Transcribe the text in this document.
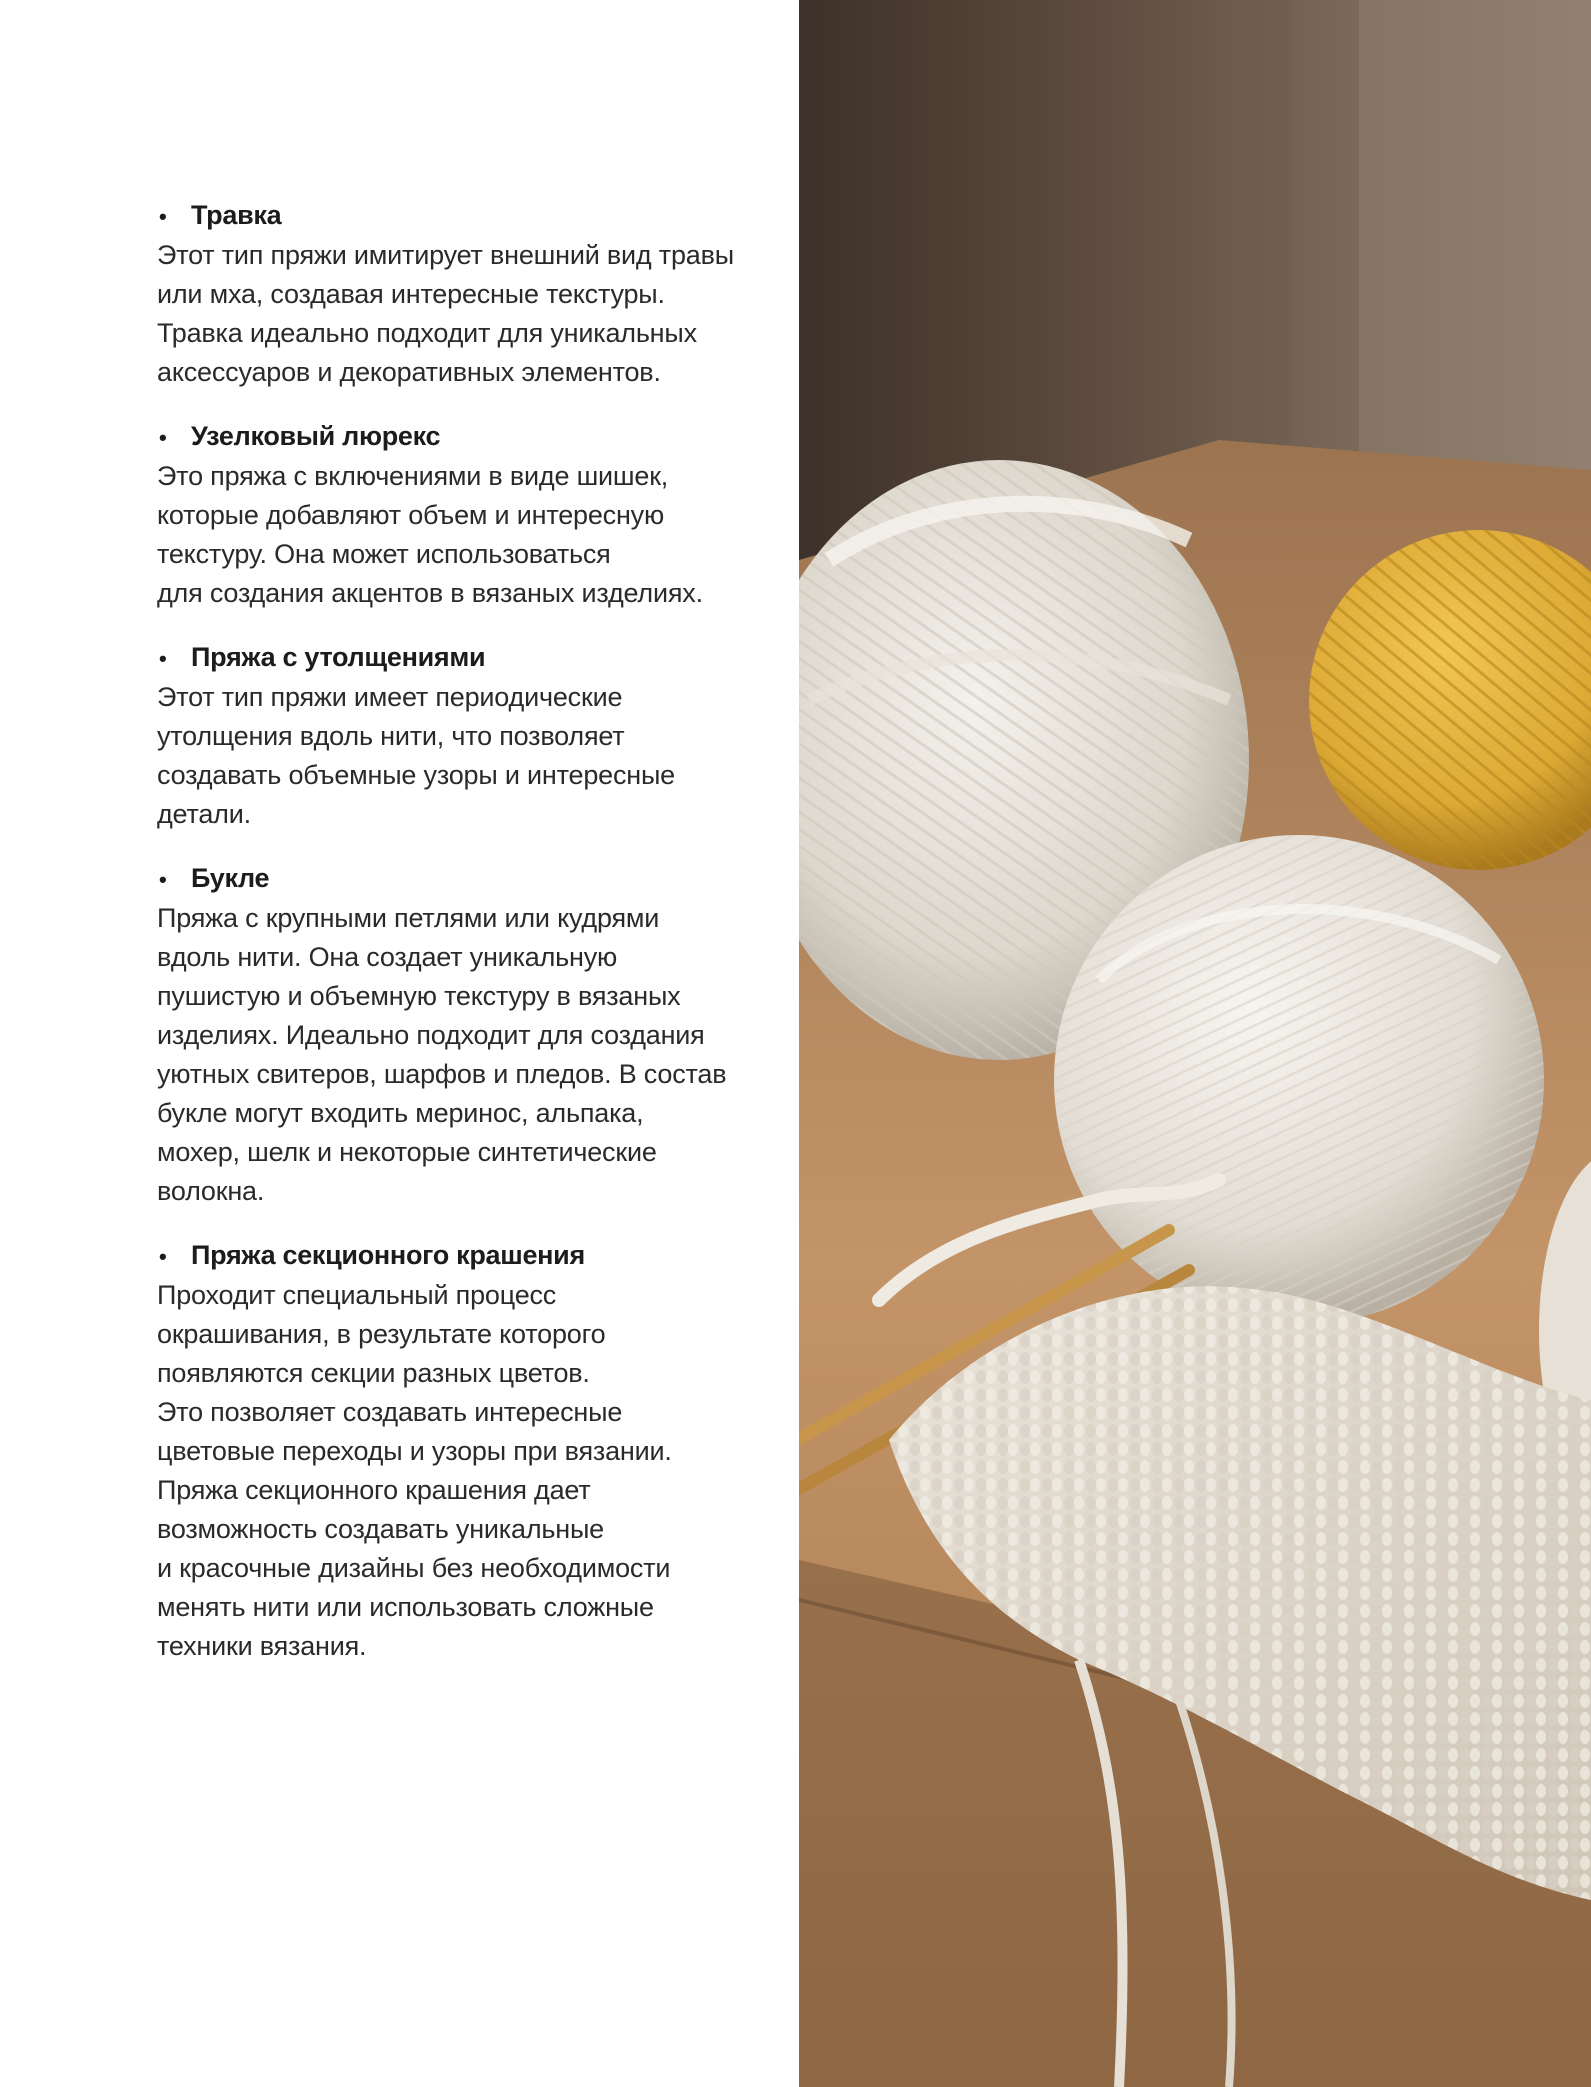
• Травка
Этот тип пряжи имитирует внешний вид травы
или мха, создавая интересные текстуры.
Травка идеально подходит для уникальных
аксессуаров и декоративных элементов.
• Узелковый люрекс
Это пряжа с включениями в виде шишек,
которые добавляют объем и интересную
текстуру. Она может использоваться
для создания акцентов в вязаных изделиях.
• Пряжа с утолщениями
Этот тип пряжи имеет периодические
утолщения вдоль нити, что позволяет
создавать объемные узоры и интересные
детали.
• Букле
Пряжа с крупными петлями или кудрями
вдоль нити. Она создает уникальную
пушистую и объемную текстуру в вязаных
изделиях. Идеально подходит для создания
уютных свитеров, шарфов и пледов. В состав
букле могут входить меринос, альпака,
мохер, шелк и некоторые синтетические
волокна.
• Пряжа секционного крашения
Проходит специальный процесс
окрашивания, в результате которого
появляются секции разных цветов.
Это позволяет создавать интересные
цветовые переходы и узоры при вязании.
Пряжа секционного крашения дает
возможность создавать уникальные
и красочные дизайны без необходимости
менять нити или использовать сложные
техники вязания.
